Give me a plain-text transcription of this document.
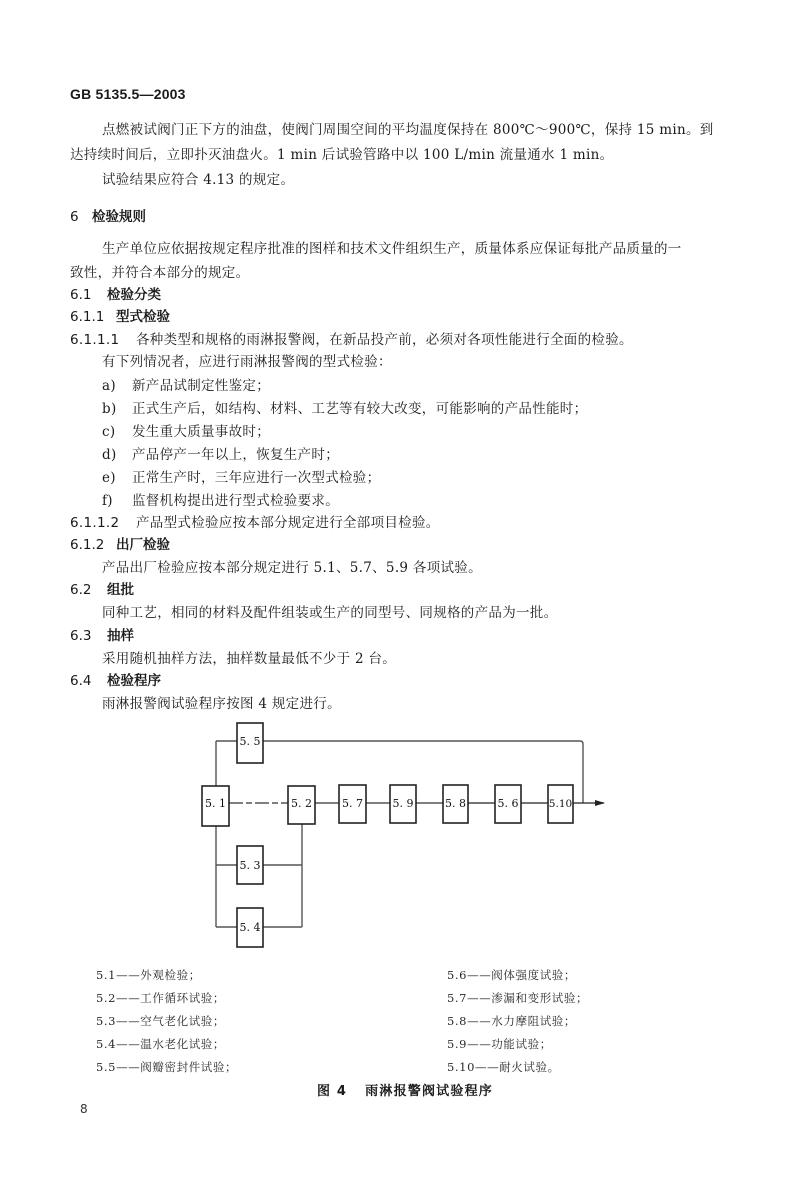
GB 5135.5—2003
点燃被试阀门正下方的油盘，使阀门周围空间的平均温度保持在 800℃～900℃，保持 15 min。到
达持续时间后，立即扑灭油盘火。1 min 后试验管路中以 100 L/min 流量通水 1 min。
试验结果应符合 4.13 的规定。
6 检验规则
生产单位应依据按规定程序批准的图样和技术文件组织生产，质量体系应保证每批产品质量的一
致性，并符合本部分的规定。
6.1 检验分类
6.1.1 型式检验
6.1.1.1 各种类型和规格的雨淋报警阀，在新品投产前，必须对各项性能进行全面的检验。
有下列情况者，应进行雨淋报警阀的型式检验：
a) 新产品试制定性鉴定；
b) 正式生产后，如结构、材料、工艺等有较大改变，可能影响的产品性能时；
c) 发生重大质量事故时；
d) 产品停产一年以上，恢复生产时；
e) 正常生产时，三年应进行一次型式检验；
f) 监督机构提出进行型式检验要求。
6.1.1.2 产品型式检验应按本部分规定进行全部项目检验。
6.1.2 出厂检验
产品出厂检验应按本部分规定进行 5.1、5.7、5.9 各项试验。
6.2 组批
同种工艺，相同的材料及配件组装或生产的同型号、同规格的产品为一批。
6.3 抽样
采用随机抽样方法，抽样数量最低不少于 2 台。
6.4 检验程序
雨淋报警阀试验程序按图 4 规定进行。
5. 1
5. 5
5. 2
5. 3
5. 4
5. 7	5. 9	5. 8	5. 6	5.10
5.1——外观检验；
5.2——工作循环试验；
5.3——空气老化试验；
5.4——温水老化试验；
5.5——阀瓣密封件试验；
5.6——阀体强度试验；
5.7——渗漏和变形试验；
5.8——水力摩阻试验；
5.9——功能试验；
5.10——耐火试验。
图 4 雨淋报警阀试验程序
8
